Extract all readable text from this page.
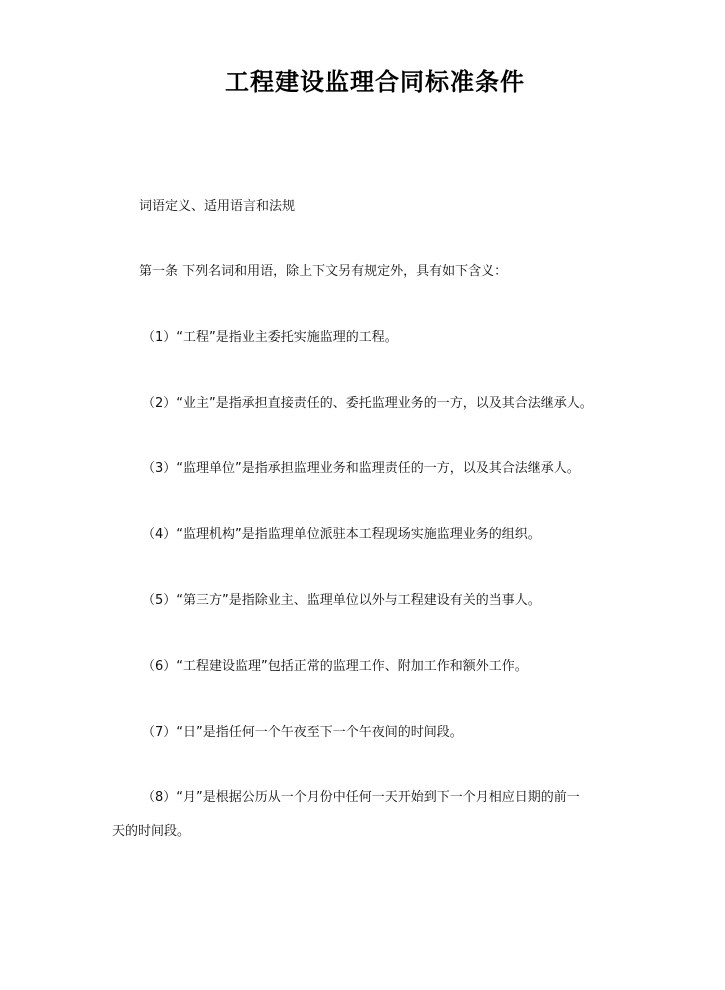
工程建设监理合同标准条件

词语定义、适用语言和法规

第一条 下列名词和用语，除上下文另有规定外，具有如下含义：

（1）“工程”是指业主委托实施监理的工程。

（2）“业主”是指承担直接责任的、委托监理业务的一方，以及其合法继承人。

（3）“监理单位”是指承担监理业务和监理责任的一方，以及其合法继承人。

（4）“监理机构”是指监理单位派驻本工程现场实施监理业务的组织。

（5）“第三方”是指除业主、监理单位以外与工程建设有关的当事人。

（6）“工程建设监理”包括正常的监理工作、附加工作和额外工作。

（7）“日”是指任何一个午夜至下一个午夜间的时间段。

（8）“月”是根据公历从一个月份中任何一天开始到下一个月相应日期的前一

天的时间段。
